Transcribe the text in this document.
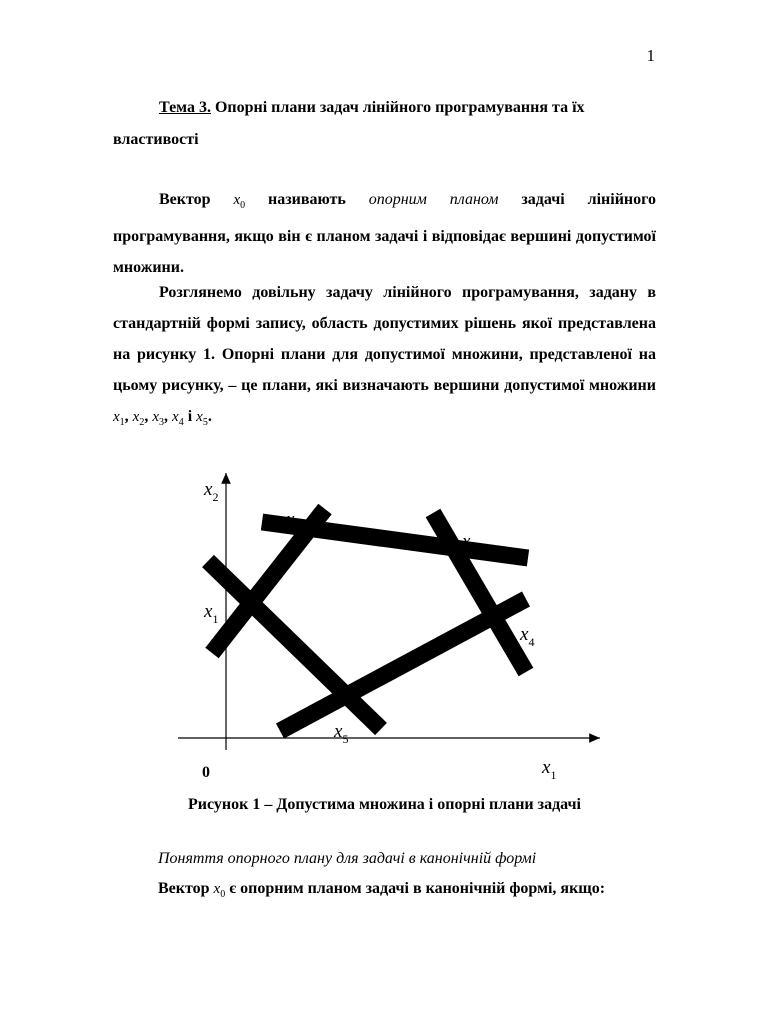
1
Тема 3. Опорні плани задач лінійного програмування та їх властивості
Вектор $x_0$ називають опорним планом задачі лінійного програмування, якщо він є планом задачі і відповідає вершині допустимої множини.
Розглянемо довільну задачу лінійного програмування, задану в стандартній формі запису, область допустимих рішень якої представлена на рисунку 1. Опорні плани для допустимої множини, представленої на цьому рисунку, – це плани, які визначають вершини допустимої множини $x_1$, $x_2$, $x_3$, $x_4$ і $x_5$.
$x_2$
$x_1$
0
$x_1$
$x_2$
$x_3$
$x_4$
$x_5$
Рисунок 1 – Допустима множина і опорні плани задачі
Поняття опорного плану для задачі в канонічній формі
Вектор $x_0$ є опорним планом задачі в канонічній формі, якщо:
